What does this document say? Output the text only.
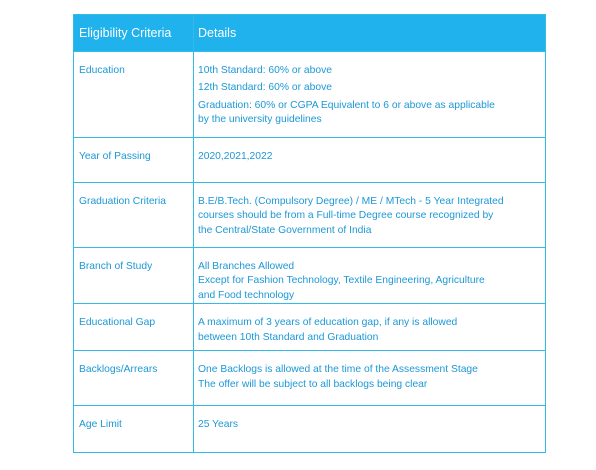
Eligibility Criteria	Details

Education	10th Standard: 60% or above
12th Standard: 60% or above
Graduation: 60% or CGPA Equivalent to 6 or above as applicable
by the university guidelines

Year of Passing	2020,2021,2022

Graduation Criteria	B.E/B.Tech. (Compulsory Degree) / ME / MTech - 5 Year Integrated
courses should be from a Full-time Degree course recognized by
the Central/State Government of India

Branch of Study	All Branches Allowed
Except for Fashion Technology, Textile Engineering, Agriculture
and Food technology

Educational Gap	A maximum of 3 years of education gap, if any is allowed
between 10th Standard and Graduation

Backlogs/Arrears	One Backlogs is allowed at the time of the Assessment Stage
The offer will be subject to all backlogs being clear

Age Limit	25 Years
